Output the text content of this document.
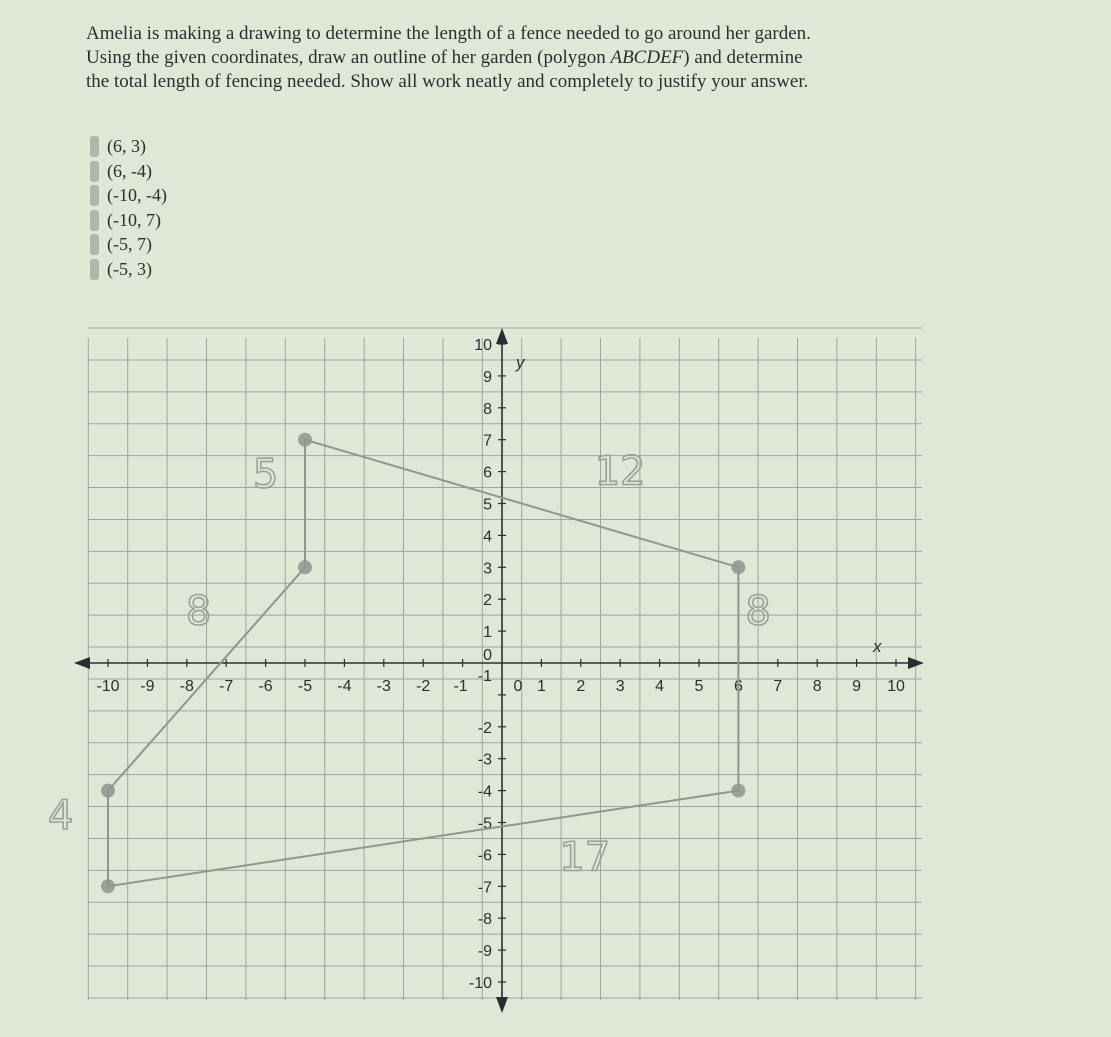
Amelia is making a drawing to determine the length of a fence needed to go around her garden.
Using the given coordinates, draw an outline of her garden (polygon ABCDEF) and determine
the total length of fencing needed. Show all work neatly and completely to justify your answer.
(6, 3)
(6, -4)
(-10, -4)
(-10, 7)
(-5, 7)
(-5, 3)
-10 -9 -8 -7 -6 -5 -4 -3 -2 -1	0 1 2 3 4 5 6 7 8 9 10
10
9
8
7
6
5
4
3
2
1
0
-1
-2
-3
-4
-5
-6
-7
-8
-9
-10
x
y
5	12
8	8
4
17
